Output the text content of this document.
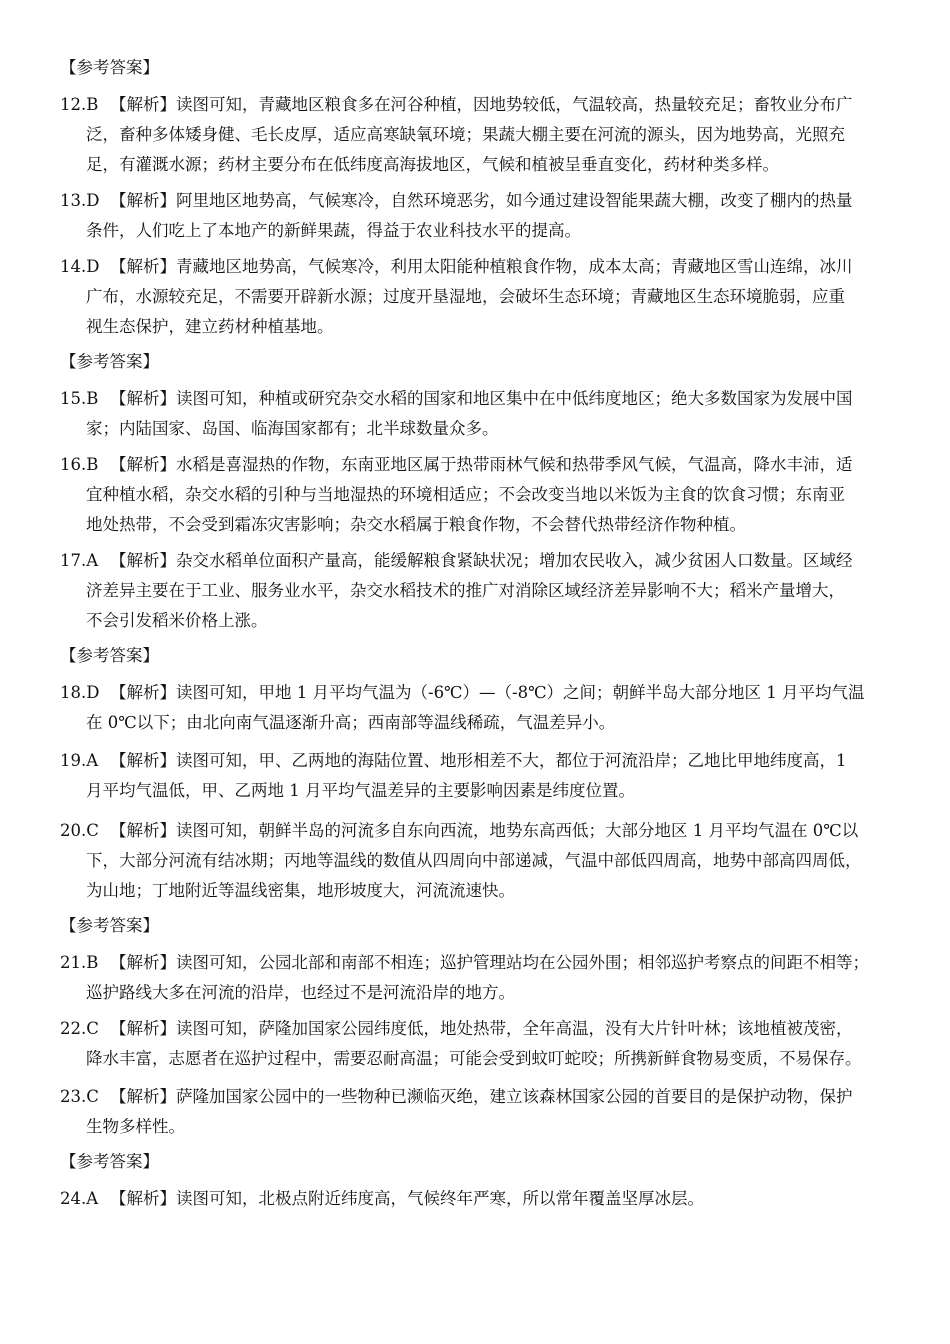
【参考答案】
12.B 【解析】读图可知，青藏地区粮食多在河谷种植，因地势较低，气温较高，热量较充足；畜牧业分布广
泛，畜种多体矮身健、毛长皮厚，适应高寒缺氧环境；果蔬大棚主要在河流的源头，因为地势高，光照充
足，有灌溉水源；药材主要分布在低纬度高海拔地区，气候和植被呈垂直变化，药材种类多样。
13.D 【解析】阿里地区地势高，气候寒冷，自然环境恶劣，如今通过建设智能果蔬大棚，改变了棚内的热量
条件，人们吃上了本地产的新鲜果蔬，得益于农业科技水平的提高。
14.D 【解析】青藏地区地势高，气候寒冷，利用太阳能种植粮食作物，成本太高；青藏地区雪山连绵，冰川
广布，水源较充足，不需要开辟新水源；过度开垦湿地，会破坏生态环境；青藏地区生态环境脆弱，应重
视生态保护，建立药材种植基地。
【参考答案】
15.B 【解析】读图可知，种植或研究杂交水稻的国家和地区集中在中低纬度地区；绝大多数国家为发展中国
家；内陆国家、岛国、临海国家都有；北半球数量众多。
16.B 【解析】水稻是喜湿热的作物，东南亚地区属于热带雨林气候和热带季风气候，气温高，降水丰沛，适
宜种植水稻，杂交水稻的引种与当地湿热的环境相适应；不会改变当地以米饭为主食的饮食习惯；东南亚
地处热带，不会受到霜冻灾害影响；杂交水稻属于粮食作物，不会替代热带经济作物种植。
17.A 【解析】杂交水稻单位面积产量高，能缓解粮食紧缺状况；增加农民收入，减少贫困人口数量。区域经
济差异主要在于工业、服务业水平，杂交水稻技术的推广对消除区域经济差异影响不大；稻米产量增大，
不会引发稻米价格上涨。
【参考答案】
18.D 【解析】读图可知，甲地 1 月平均气温为（-6℃）—（-8℃）之间；朝鲜半岛大部分地区 1 月平均气温
在 0℃以下；由北向南气温逐渐升高；西南部等温线稀疏，气温差异小。
19.A 【解析】读图可知，甲、乙两地的海陆位置、地形相差不大，都位于河流沿岸；乙地比甲地纬度高，1
月平均气温低，甲、乙两地 1 月平均气温差异的主要影响因素是纬度位置。
20.C 【解析】读图可知，朝鲜半岛的河流多自东向西流，地势东高西低；大部分地区 1 月平均气温在 0℃以
下，大部分河流有结冰期；丙地等温线的数值从四周向中部递减，气温中部低四周高，地势中部高四周低，
为山地；丁地附近等温线密集，地形坡度大，河流流速快。
【参考答案】
21.B 【解析】读图可知，公园北部和南部不相连；巡护管理站均在公园外围；相邻巡护考察点的间距不相等；
巡护路线大多在河流的沿岸，也经过不是河流沿岸的地方。
22.C 【解析】读图可知，萨隆加国家公园纬度低，地处热带，全年高温，没有大片针叶林；该地植被茂密，
降水丰富，志愿者在巡护过程中，需要忍耐高温；可能会受到蚊叮蛇咬；所携新鲜食物易变质，不易保存。
23.C 【解析】萨隆加国家公园中的一些物种已濒临灭绝，建立该森林国家公园的首要目的是保护动物，保护
生物多样性。
【参考答案】
24.A 【解析】读图可知，北极点附近纬度高，气候终年严寒，所以常年覆盖坚厚冰层。
